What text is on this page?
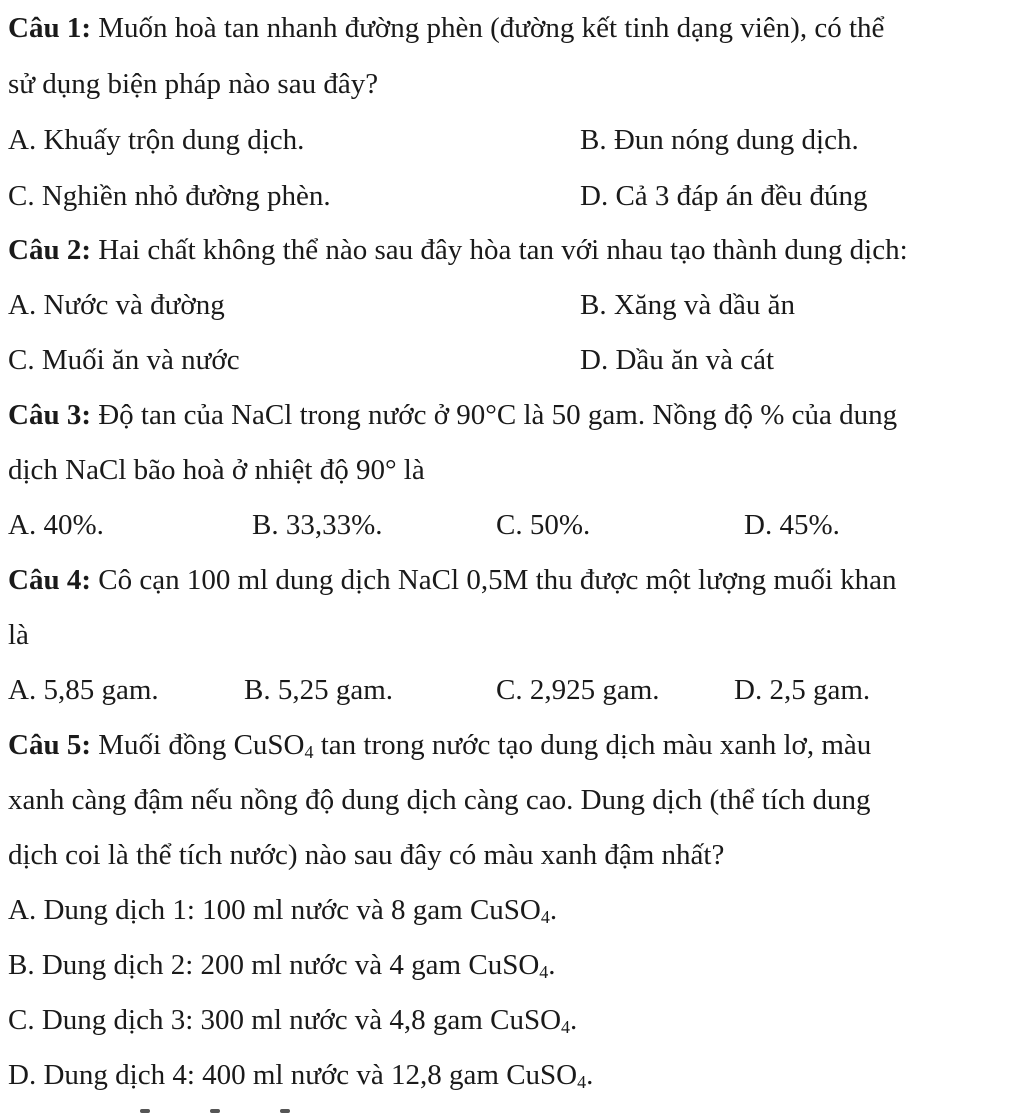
Câu 1: Muốn hoà tan nhanh đường phèn (đường kết tinh dạng viên), có thể
sử dụng biện pháp nào sau đây?
A. Khuấy trộn dung dịch.	B. Đun nóng dung dịch.
C. Nghiền nhỏ đường phèn.	D. Cả 3 đáp án đều đúng
Câu 2: Hai chất không thể nào sau đây hòa tan với nhau tạo thành dung dịch:
A. Nước và đường	B. Xăng và dầu ăn
C. Muối ăn và nước	D. Dầu ăn và cát
Câu 3: Độ tan của NaCl trong nước ở 90°C là 50 gam. Nồng độ % của dung
dịch NaCl bão hoà ở nhiệt độ 90° là
A. 40%.	B. 33,33%.	C. 50%.	D. 45%.
Câu 4: Cô cạn 100 ml dung dịch NaCl 0,5M thu được một lượng muối khan
là
A. 5,85 gam.	B. 5,25 gam.	C. 2,925 gam.	D. 2,5 gam.
Câu 5: Muối đồng CuSO$_4$ tan trong nước tạo dung dịch màu xanh lơ, màu
xanh càng đậm nếu nồng độ dung dịch càng cao. Dung dịch (thể tích dung
dịch coi là thể tích nước) nào sau đây có màu xanh đậm nhất?
A. Dung dịch 1: 100 ml nước và 8 gam CuSO$_4$.
B. Dung dịch 2: 200 ml nước và 4 gam CuSO$_4$.
C. Dung dịch 3: 300 ml nước và 4,8 gam CuSO$_4$.
D. Dung dịch 4: 400 ml nước và 12,8 gam CuSO$_4$.
